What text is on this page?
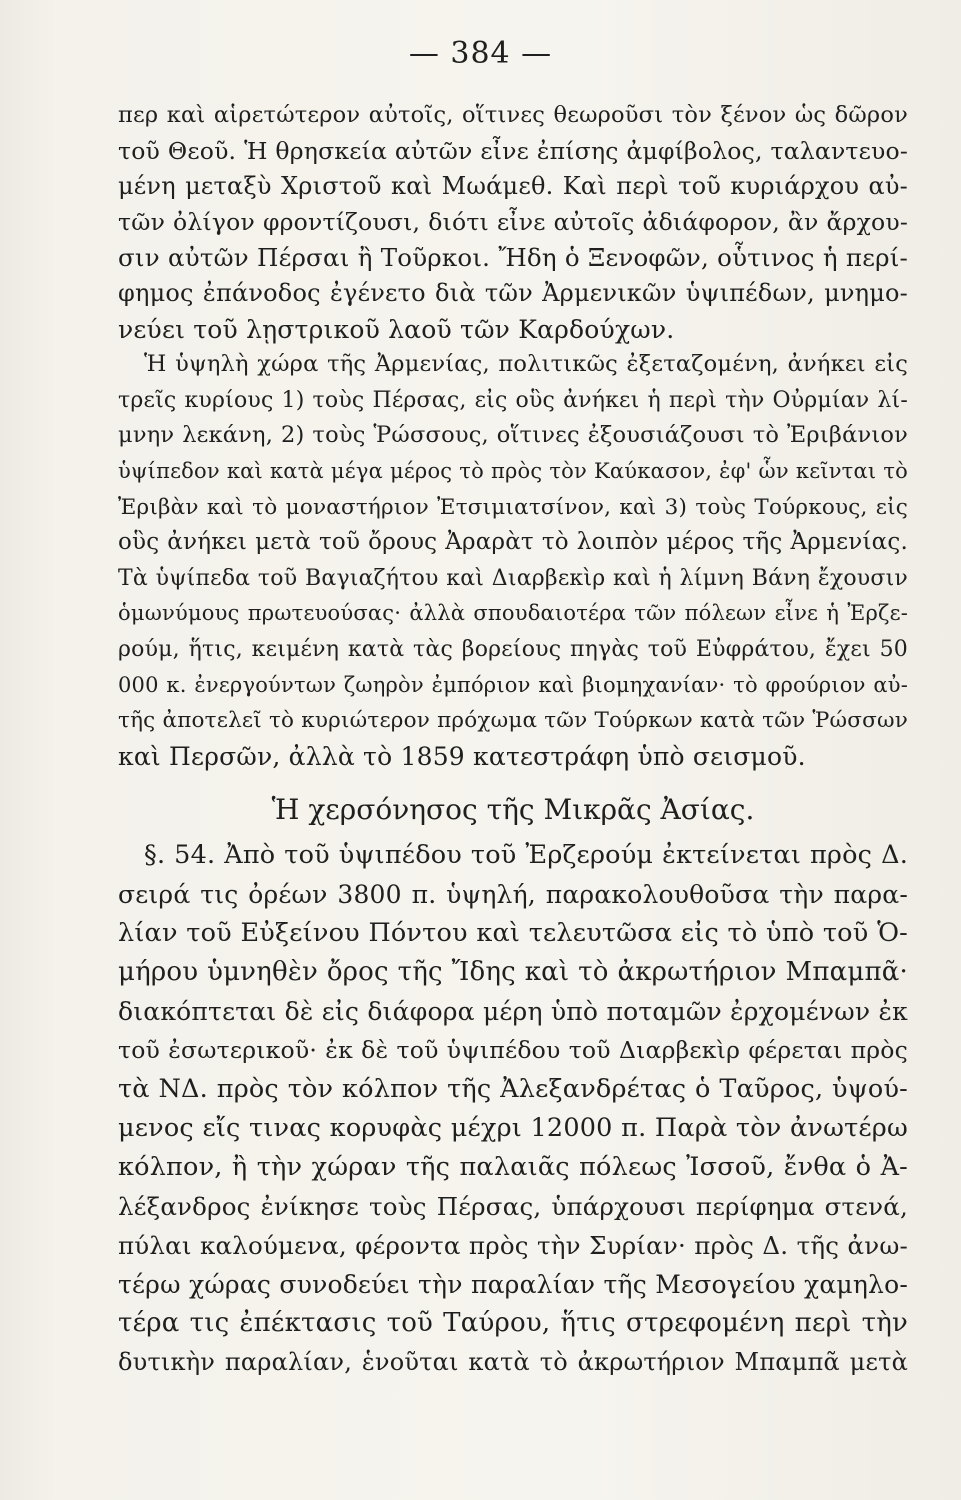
— 384 —
περ καὶ αἱρετώτερον αὐτοῖς, οἵτινες θεωροῦσι τὸν ξένον ὡς δῶρον
τοῦ Θεοῦ. Ἡ θρησκεία αὐτῶν εἶνε ἐπίσης ἀμφίβολος, ταλαντευο-
μένη μεταξὺ Χριστοῦ καὶ Μωάμεθ. Καὶ περὶ τοῦ κυριάρχου αὐ-
τῶν ὀλίγον φροντίζουσι, διότι εἶνε αὐτοῖς ἀδιάφορον, ἂν ἄρχου-
σιν αὐτῶν Πέρσαι ἢ Τοῦρκοι. Ἤδη ὁ Ξενοφῶν, οὗτινος ἡ περί-
φημος ἐπάνοδος ἐγένετο διὰ τῶν Ἀρμενικῶν ὑψιπέδων, μνημο-
νεύει τοῦ λῃστρικοῦ λαοῦ τῶν Καρδούχων.
Ἡ ὑψηλὴ χώρα τῆς Ἀρμενίας, πολιτικῶς ἐξεταζομένη, ἀνήκει εἰς
τρεῖς κυρίους 1) τοὺς Πέρσας, εἰς οὓς ἀνήκει ἡ περὶ τὴν Οὐρμίαν λί-
μνην λεκάνη, 2) τοὺς Ῥώσσους, οἵτινες ἐξουσιάζουσι τὸ Ἐριβάνιον
ὑψίπεδον καὶ κατὰ μέγα μέρος τὸ πρὸς τὸν Καύκασον, ἐφ' ὧν κεῖνται τὸ
Ἐριβὰν καὶ τὸ μοναστήριον Ἐτσιμιατσίνον, καὶ 3) τοὺς Τούρκους, εἰς
οὓς ἀνήκει μετὰ τοῦ ὄρους Ἀραρὰτ τὸ λοιπὸν μέρος τῆς Ἀρμενίας.
Τὰ ὑψίπεδα τοῦ Βαγιαζήτου καὶ Διαρβεκὶρ καὶ ἡ λίμνη Βάνη ἔχουσιν
ὁμωνύμους πρωτευούσας· ἀλλὰ σπουδαιοτέρα τῶν πόλεων εἶνε ἡ Ἐρζε-
ρούμ, ἥτις, κειμένη κατὰ τὰς βορείους πηγὰς τοῦ Εὐφράτου, ἔχει 50
000 κ. ἐνεργούντων ζωηρὸν ἐμπόριον καὶ βιομηχανίαν· τὸ φρούριον αὐ-
τῆς ἀποτελεῖ τὸ κυριώτερον πρόχωμα τῶν Τούρκων κατὰ τῶν Ῥώσσων
καὶ Περσῶν, ἀλλὰ τὸ 1859 κατεστράφη ὑπὸ σεισμοῦ.
Ἡ χερσόνησος τῆς Μικρᾶς Ἀσίας.
§. 54. Ἀπὸ τοῦ ὑψιπέδου τοῦ Ἐρζερούμ ἐκτείνεται πρὸς Δ.
σειρά τις ὀρέων 3800 π. ὑψηλή, παρακολουθοῦσα τὴν παρα-
λίαν τοῦ Εὐξείνου Πόντου καὶ τελευτῶσα εἰς τὸ ὑπὸ τοῦ Ὁ-
μήρου ὑμνηθὲν ὄρος τῆς Ἴδης καὶ τὸ ἀκρωτήριον Μπαμπᾶ·
διακόπτεται δὲ εἰς διάφορα μέρη ὑπὸ ποταμῶν ἐρχομένων ἐκ
τοῦ ἐσωτερικοῦ· ἐκ δὲ τοῦ ὑψιπέδου τοῦ Διαρβεκὶρ φέρεται πρὸς
τὰ ΝΔ. πρὸς τὸν κόλπον τῆς Ἀλεξανδρέτας ὁ Ταῦρος, ὑψού-
μενος εἴς τινας κορυφὰς μέχρι 12000 π. Παρὰ τὸν ἀνωτέρω
κόλπον, ἢ τὴν χώραν τῆς παλαιᾶς πόλεως Ἰσσοῦ, ἔνθα ὁ Ἀ-
λέξανδρος ἐνίκησε τοὺς Πέρσας, ὑπάρχουσι περίφημα στενά,
πύλαι καλούμενα, φέροντα πρὸς τὴν Συρίαν· πρὸς Δ. τῆς ἀνω-
τέρω χώρας συνοδεύει τὴν παραλίαν τῆς Μεσογείου χαμηλο-
τέρα τις ἐπέκτασις τοῦ Ταύρου, ἥτις στρεφομένη περὶ τὴν
δυτικὴν παραλίαν, ἑνοῦται κατὰ τὸ ἀκρωτήριον Μπαμπᾶ μετὰ
